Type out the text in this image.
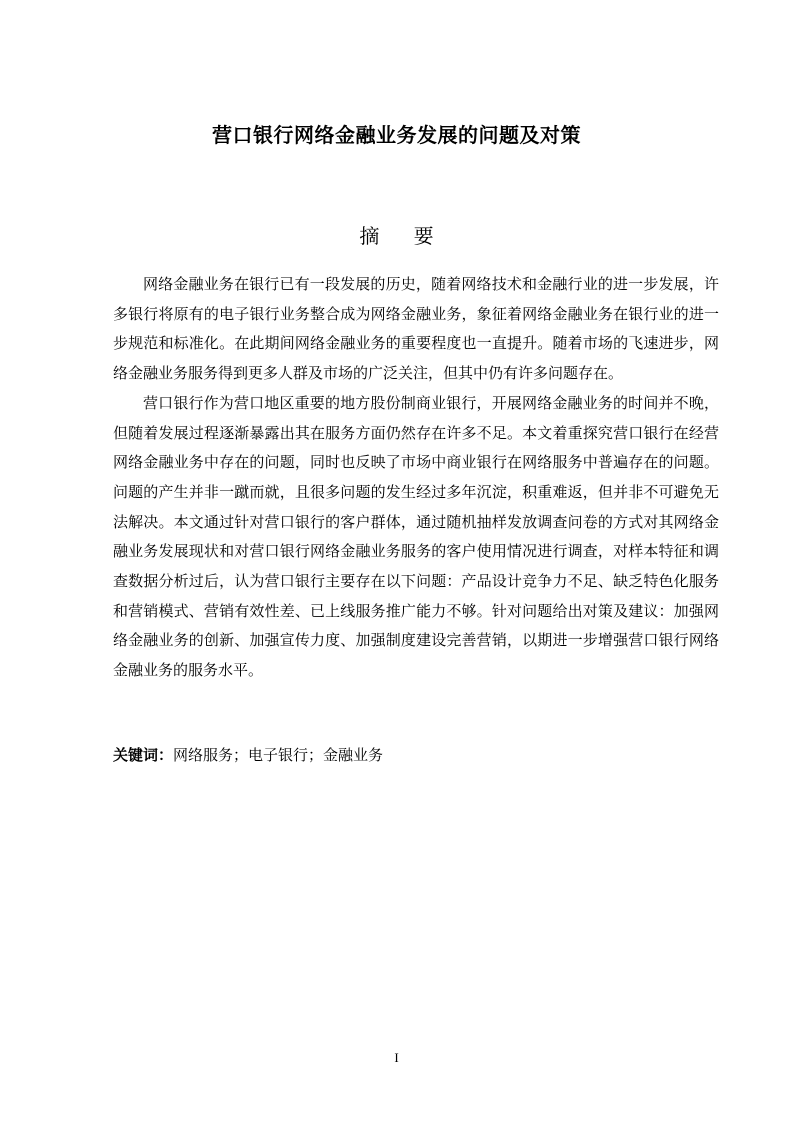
营口银行网络金融业务发展的问题及对策
摘 要

网络金融业务在银行已有一段发展的历史，随着网络技术和金融行业的进一步发展，许多银行将原有的电子银行业务整合成为网络金融业务，象征着网络金融业务在银行业的进一步规范和标准化。在此期间网络金融业务的重要程度也一直提升。随着市场的飞速进步，网络金融业务服务得到更多人群及市场的广泛关注，但其中仍有许多问题存在。

营口银行作为营口地区重要的地方股份制商业银行，开展网络金融业务的时间并不晚，但随着发展过程逐渐暴露出其在服务方面仍然存在许多不足。本文着重探究营口银行在经营网络金融业务中存在的问题，同时也反映了市场中商业银行在网络服务中普遍存在的问题。问题的产生并非一蹴而就，且很多问题的发生经过多年沉淀，积重难返，但并非不可避免无法解决。本文通过针对营口银行的客户群体，通过随机抽样发放调查问卷的方式对其网络金融业务发展现状和对营口银行网络金融业务服务的客户使用情况进行调查，对样本特征和调查数据分析过后，认为营口银行主要存在以下问题：产品设计竞争力不足、缺乏特色化服务和营销模式、营销有效性差、已上线服务推广能力不够。针对问题给出对策及建议：加强网络金融业务的创新、加强宣传力度、加强制度建设完善营销，以期进一步增强营口银行网络金融业务的服务水平。

关键词：网络服务；电子银行；金融业务
I
